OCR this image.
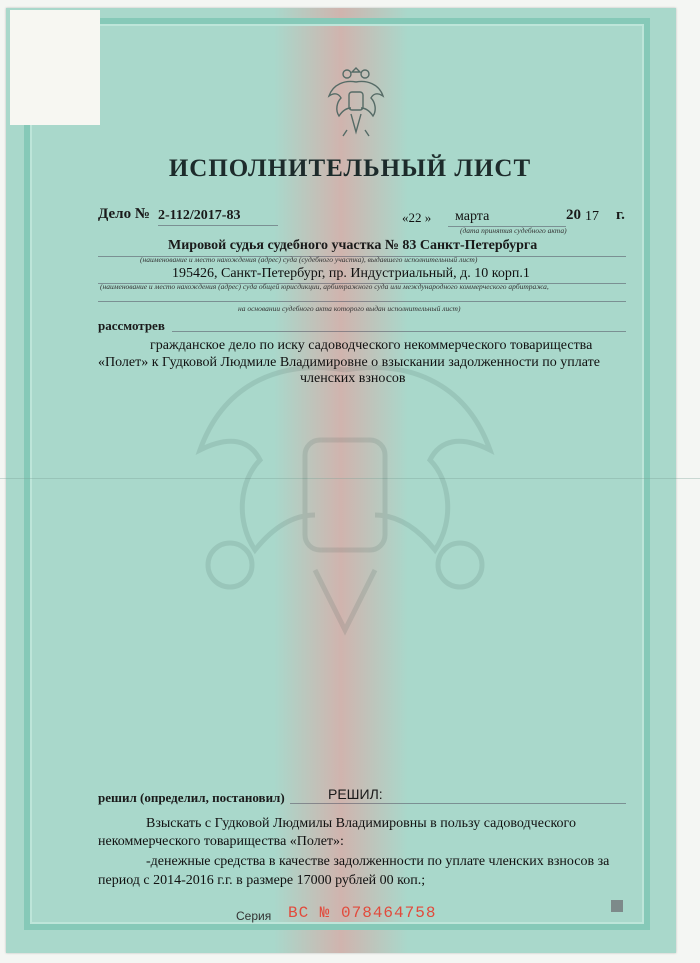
ИСПОЛНИТЕЛЬНЫЙ ЛИСТ
Дело № 2-112/2017-83	«22 » марта	20 17 г.
(дата принятия судебного акта)
Мировой судья судебного участка № 83 Санкт-Петербурга
(наименование и место нахождения (адрес) суда (судебного участка), выдавшего исполнительный лист)
195426, Санкт-Петербург, пр. Индустриальный, д. 10 корп.1
(наименование и место нахождения (адрес) суда общей юрисдикции, арбитражного суда или международного коммерческого арбитража,
на основании судебного акта которого выдан исполнительный лист)
рассмотрев
гражданское дело по иску садоводческого некоммерческого товарищества
«Полет» к Гудковой Людмиле Владимировне о взыскании задолженности по уплате
членских взносов
решил (определил, постановил)	РЕШИЛ:
Взыскать с Гудковой Людмилы Владимировны в пользу садоводческого
некоммерческого товарищества «Полет»:
-денежные средства в качестве задолженности по уплате членских взносов за
период с 2014-2016 г.г. в размере 17000 рублей 00 коп.;
Серия ВС № 078464758
